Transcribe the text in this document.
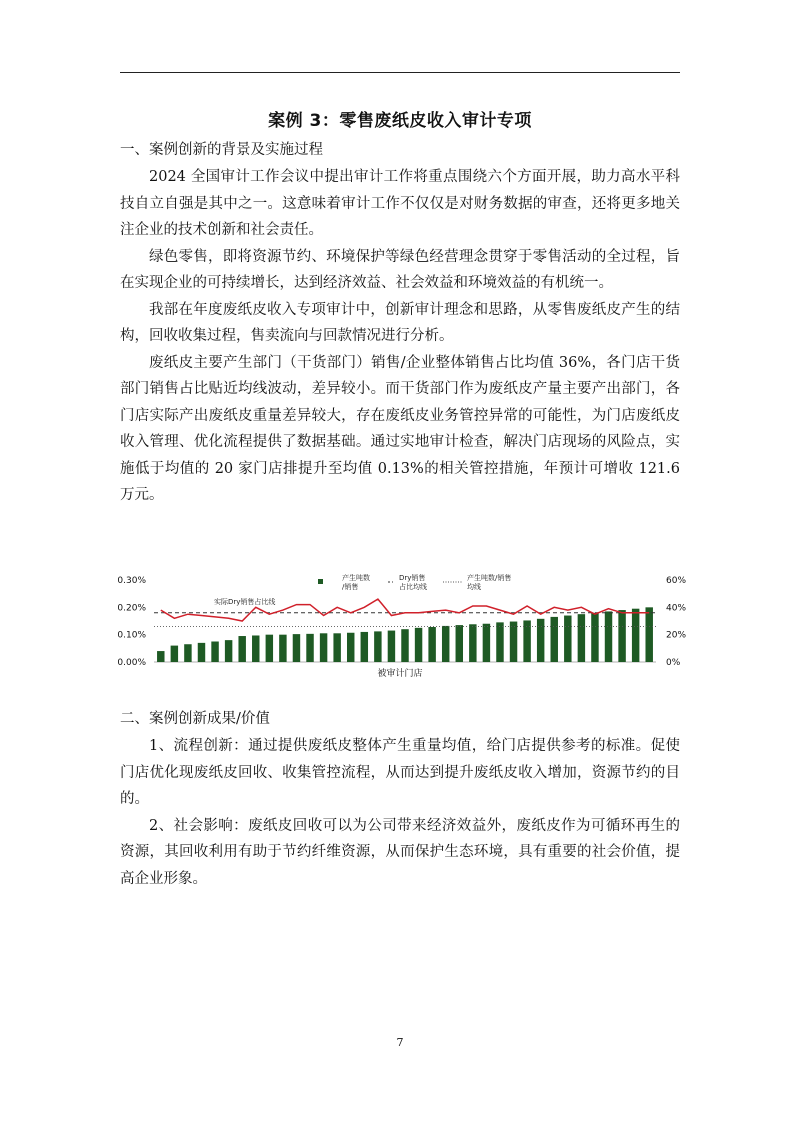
案例 3：零售废纸皮收入审计专项
一、案例创新的背景及实施过程

2024 全国审计工作会议中提出审计工作将重点围绕六个方面开展，助力高水平科技自立自强是其中之一。这意味着审计工作不仅仅是对财务数据的审查，还将更多地关注企业的技术创新和社会责任。

绿色零售，即将资源节约、环境保护等绿色经营理念贯穿于零售活动的全过程，旨在实现企业的可持续增长，达到经济效益、社会效益和环境效益的有机统一。

我部在年度废纸皮收入专项审计中，创新审计理念和思路，从零售废纸皮产生的结构，回收收集过程，售卖流向与回款情况进行分析。

废纸皮主要产生部门（干货部门）销售/企业整体销售占比均值 36%，各门店干货部门销售占比贴近均线波动，差异较小。而干货部门作为废纸皮产量主要产出部门，各门店实际产出废纸皮重量差异较大，存在废纸皮业务管控异常的可能性，为门店废纸皮收入管理、优化流程提供了数据基础。通过实地审计检查，解决门店现场的风险点，实施低于均值的 20 家门店排提升至均值 0.13%的相关管控措施，年预计可增收 121.6 万元。

0.00%
0.10%
0.20%
0.30%
0%
20%
40%
60%
产生吨数/销售
Dry销售占比均线
产生吨数/销售均线
实际Dry销售占比线
被审计门店
二、案例创新成果/价值

1、流程创新：通过提供废纸皮整体产生重量均值，给门店提供参考的标准。促使门店优化现废纸皮回收、收集管控流程，从而达到提升废纸皮收入增加，资源节约的目的。

2、社会影响：废纸皮回收可以为公司带来经济效益外，废纸皮作为可循环再生的资源，其回收利用有助于节约纤维资源，从而保护生态环境，具有重要的社会价值，提高企业形象。

7
